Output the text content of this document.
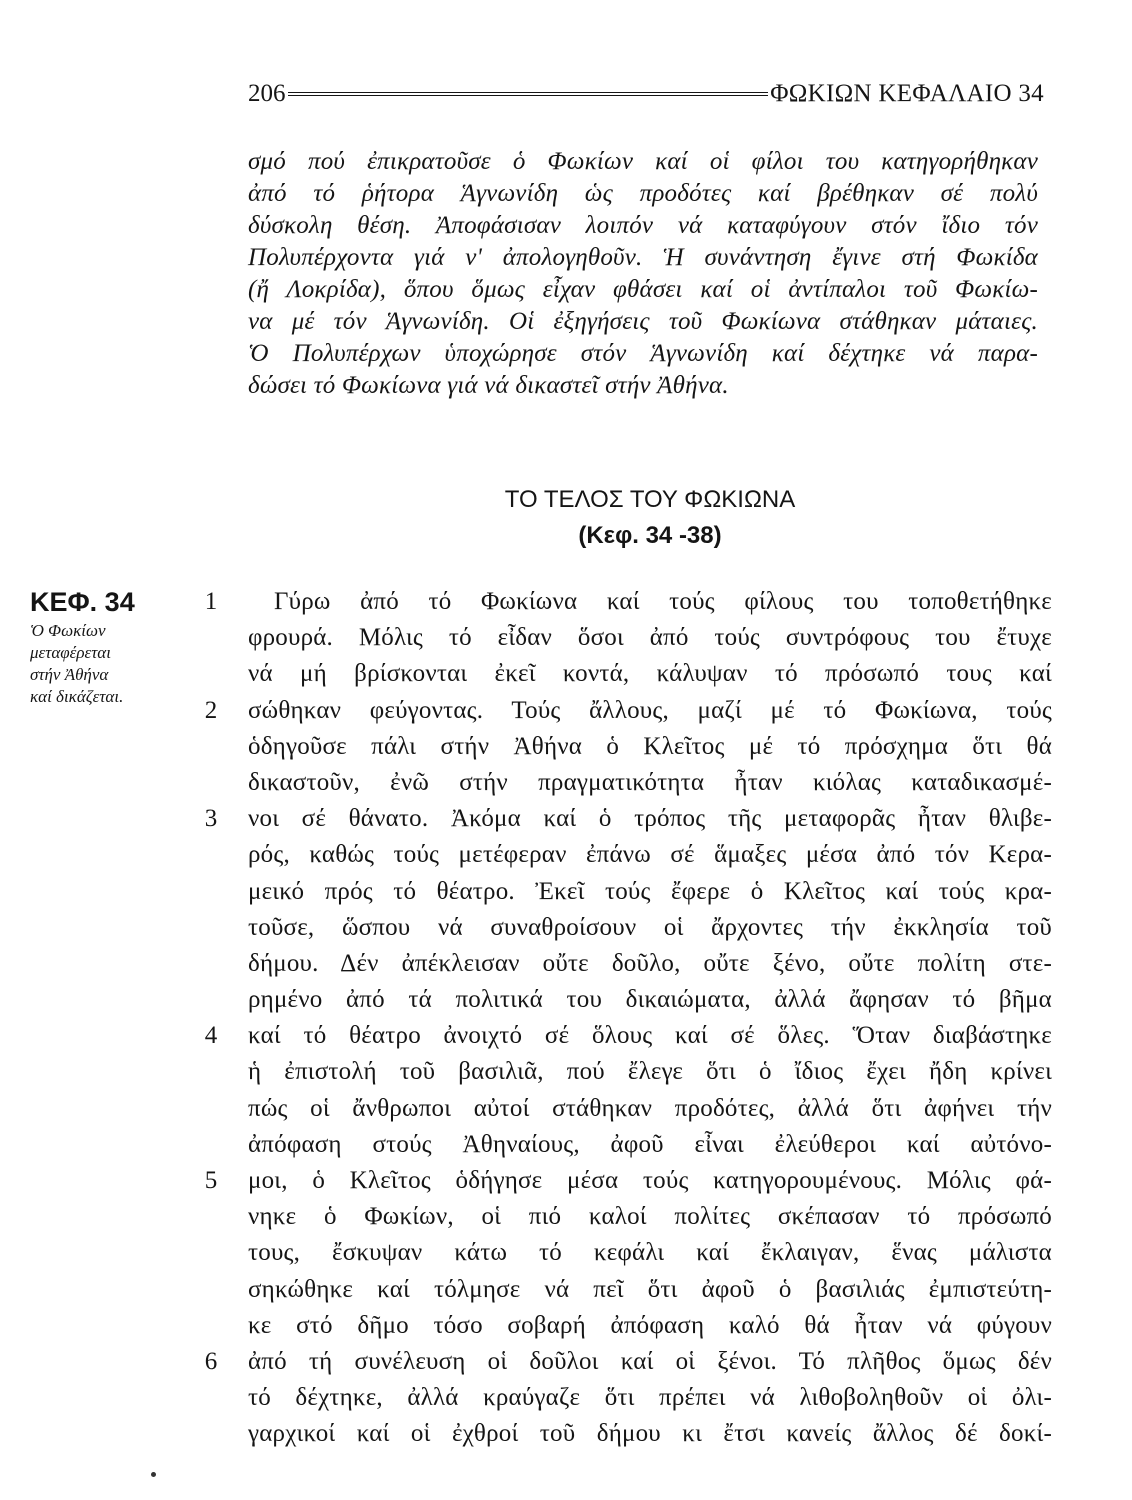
206	ΦΩΚΙΩΝ ΚΕΦΑΛΑΙΟ 34
σμό πού ἐπικρατοῦσε ὁ Φωκίων καί οἱ φίλοι του κατηγορήθηκαν
ἀπό τό ῥήτορα Ἁγνωνίδη ὡς προδότες καί βρέθηκαν σέ πολύ
δύσκολη θέση. Ἀποφάσισαν λοιπόν νά καταφύγουν στόν ἴδιο τόν
Πολυπέρχοντα γιά ν' ἀπολογηθοῦν. Ἡ συνάντηση ἔγινε στή Φωκίδα
(ἤ Λοκρίδα), ὅπου ὅμως εἶχαν φθάσει καί οἱ ἀντίπαλοι τοῦ Φωκίω-
να μέ τόν Ἁγνωνίδη. Οἱ ἐξηγήσεις τοῦ Φωκίωνα στάθηκαν μάταιες.
Ὁ Πολυπέρχων ὑποχώρησε στόν Ἁγνωνίδη καί δέχτηκε νά παρα-
δώσει τό Φωκίωνα γιά νά δικαστεῖ στήν Ἀθήνα.
ΤΟ ΤΕΛΟΣ ΤΟΥ ΦΩΚΙΩΝΑ
(Κεφ. 34 -38)
ΚΕΦ. 34
Ὁ Φωκίων
μεταφέρεται
στήν Ἀθήνα
καί δικάζεται.
1	Γύρω ἀπό τό Φωκίωνα καί τούς φίλους του τοποθετήθηκε
φρουρά. Μόλις τό εἶδαν ὅσοι ἀπό τούς συντρόφους του ἔτυχε
νά μή βρίσκονται ἐκεῖ κοντά, κάλυψαν τό πρόσωπό τους καί
2	σώθηκαν φεύγοντας. Τούς ἄλλους, μαζί μέ τό Φωκίωνα, τούς
ὁδηγοῦσε πάλι στήν Ἀθήνα ὁ Κλεῖτος μέ τό πρόσχημα ὅτι θά
δικαστοῦν, ἐνῶ στήν πραγματικότητα ἦταν κιόλας καταδικασμέ-
3	νοι σέ θάνατο. Ἀκόμα καί ὁ τρόπος τῆς μεταφορᾶς ἦταν θλιβε-
ρός, καθώς τούς μετέφεραν ἐπάνω σέ ἅμαξες μέσα ἀπό τόν Κερα-
μεικό πρός τό θέατρο. Ἐκεῖ τούς ἔφερε ὁ Κλεῖτος καί τούς κρα-
τοῦσε, ὥσπου νά συναθροίσουν οἱ ἄρχοντες τήν ἐκκλησία τοῦ
δήμου. Δέν ἀπέκλεισαν οὔτε δοῦλο, οὔτε ξένο, οὔτε πολίτη στε-
ρημένο ἀπό τά πολιτικά του δικαιώματα, ἀλλά ἄφησαν τό βῆμα
4	καί τό θέατρο ἀνοιχτό σέ ὅλους καί σέ ὅλες. Ὅταν διαβάστηκε
ἡ ἐπιστολή τοῦ βασιλιᾶ, πού ἔλεγε ὅτι ὁ ἴδιος ἔχει ἤδη κρίνει
πώς οἱ ἄνθρωποι αὐτοί στάθηκαν προδότες, ἀλλά ὅτι ἀφήνει τήν
ἀπόφαση στούς Ἀθηναίους, ἀφοῦ εἶναι ἐλεύθεροι καί αὐτόνο-
5	μοι, ὁ Κλεῖτος ὁδήγησε μέσα τούς κατηγορουμένους. Μόλις φά-
νηκε ὁ Φωκίων, οἱ πιό καλοί πολίτες σκέπασαν τό πρόσωπό
τους, ἔσκυψαν κάτω τό κεφάλι καί ἔκλαιγαν, ἕνας μάλιστα
σηκώθηκε καί τόλμησε νά πεῖ ὅτι ἀφοῦ ὁ βασιλιάς ἐμπιστεύτη-
κε στό δῆμο τόσο σοβαρή ἀπόφαση καλό θά ἦταν νά φύγουν
6	ἀπό τή συνέλευση οἱ δοῦλοι καί οἱ ξένοι. Τό πλῆθος ὅμως δέν
τό δέχτηκε, ἀλλά κραύγαζε ὅτι πρέπει νά λιθοβοληθοῦν οἱ ὀλι-
γαρχικοί καί οἱ ἐχθροί τοῦ δήμου κι ἔτσι κανείς ἄλλος δέ δοκί-
